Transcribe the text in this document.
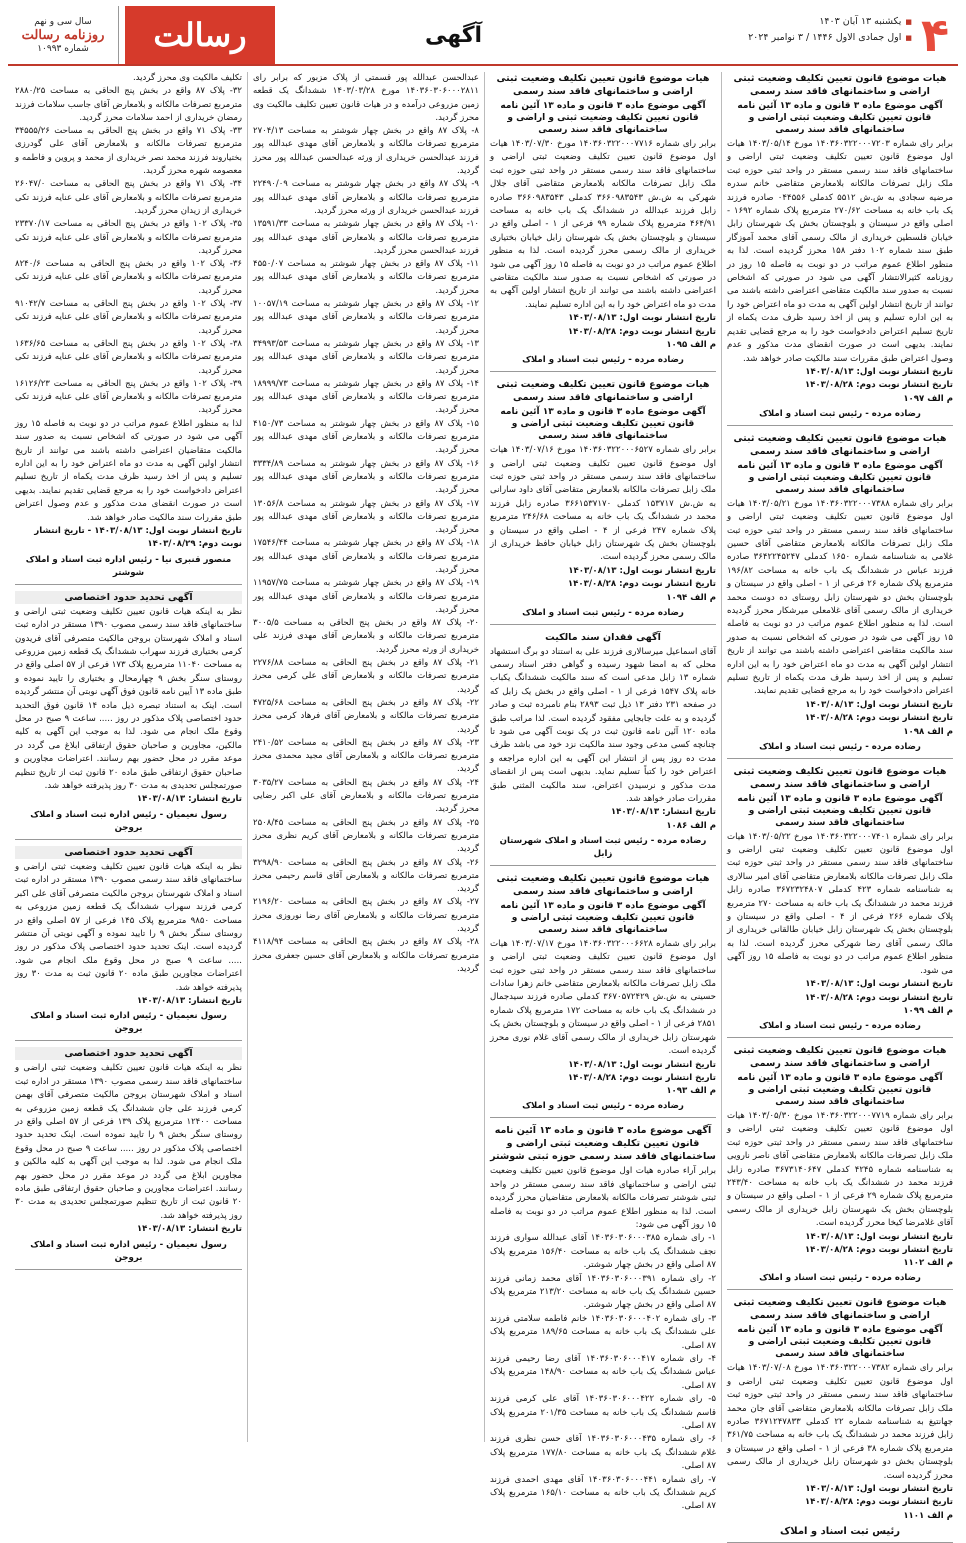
۴
■ یکشنبه ۱۳ آبان ۱۴۰۳
■ اول جمادی الاول ۱۴۴۶ / ۳ نوامبر ۲۰۲۴
آگهی
رسالت
سال سی و نهم
روزنامه رسالت
شماره ۱۰۹۹۳
هیات موضوع قانون تعیین تکلیف وضعیت ثبتی اراضی و ساختمانهای فاقد سند رسمی
آگهی موضوع ماده ۳ قانون و ماده ۱۳ آئین نامه قانون تعیین تکلیف وضعیت ثبتی اراضی و ساختمانهای فاقد سند رسمی

برابر رای شماره ۱۴۰۳۶۰۳۲۲۰۰۰۷۲۰۳ مورخ ۱۴۰۳/۰۵/۱۴ هیات اول موضوع قانون تعیین تکلیف وضعیت ثبتی اراضی و ساختمانهای فاقد سند رسمی مستقر در واحد ثبتی حوزه ثبت ملک زابل تصرفات مالکانه بلامعارض متقاضی خانم سدره مرضیه سجادی به ش.ش ۵۵۱۲ کدملی ۰۴۴۵۵۶ صادره فرزند یک باب خانه به مساحت ۲۷۰/۶۲ مترمربع پلاک شماره ۱۶۹۲ - اصلی واقع در سیستان و بلوچستان بخش یک شهرستان زابل خیابان فلسطین خریداری از مالک رسمی آقای محمد آموزگار طبق سند شماره ۱۰۲ دفتر ۱۵۸ محرز گردیده است. لذا به منظور اطلاع عموم مراتب در دو نوبت به فاصله ۱۵ روز در روزنامه کثیرالانتشار آگهی می شود در صورتی که اشخاص نسبت به صدور سند مالکیت متقاضی اعتراضی داشته باشند می توانند از تاریخ انتشار اولین آگهی به مدت دو ماه اعتراض خود را به این اداره تسلیم و پس از اخذ رسید ظرف مدت یکماه از تاریخ تسلیم اعتراض دادخواست خود را به مرجع قضایی تقدیم نمایند. بدیهی است در صورت انقضای مدت مذکور و عدم وصول اعتراض طبق مقررات سند مالکیت صادر خواهد شد.

تاریخ انتشار نوبت اول: ۱۴۰۳/۰۸/۱۳
تاریخ انتشار نوبت دوم: ۱۴۰۳/۰۸/۲۸
م الف ۱۰۹۷
رضاده مرده - رئیس ثبت اسناد و املاک
هیات موضوع قانون تعیین تکلیف وضعیت ثبتی اراضی و ساختمانهای فاقد سند رسمی
آگهی موضوع ماده ۳ قانون و ماده ۱۳ آئین نامه قانون تعیین تکلیف وضعیت ثبتی اراضی و ساختمانهای فاقد سند رسمی

برابر رای شماره ۱۴۰۳۶۰۳۲۲۰۰۰۷۳۸۸ مورخ ۱۴۰۳/۰۵/۲۱ هیات اول موضوع قانون تعیین تکلیف وضعیت ثبتی اراضی و ساختمانهای فاقد سند رسمی مستقر در واحد ثبتی حوزه ثبت ملک زابل تصرفات مالکانه بلامعارض متقاضی آقای حسین غلامی به شناسنامه شماره ۱۶۵۰ کدملی ۳۶۴۲۲۴۵۲۴۷ صادره فرزند عباس در ششدانگ یک باب خانه به مساحت ۱۹۶/۸۲ مترمربع پلاک شماره ۲۶ فرعی از ۱ - اصلی واقع در سیستان و بلوچستان بخش دو شهرستان زابل روستای ده دوست محمد خریداری از مالک رسمی آقای غلامعلی میرشکار محرز گردیده است. لذا به منظور اطلاع عموم مراتب در دو نوبت به فاصله ۱۵ روز آگهی می شود در صورتی که اشخاص نسبت به صدور سند مالکیت متقاضی اعتراضی داشته باشند می توانند از تاریخ انتشار اولین آگهی به مدت دو ماه اعتراض خود را به این اداره تسلیم و پس از اخذ رسید ظرف مدت یکماه از تاریخ تسلیم اعتراض دادخواست خود را به مرجع قضایی تقدیم نمایند.

تاریخ انتشار نوبت اول: ۱۴۰۳/۰۸/۱۳
تاریخ انتشار نوبت دوم: ۱۴۰۳/۰۸/۲۸
م الف ۱۰۹۸
رضاده مرده - رئیس ثبت اسناد و املاک
هیات موضوع قانون تعیین تکلیف وضعیت ثبتی اراضی و ساختمانهای فاقد سند رسمی
آگهی موضوع ماده ۳ قانون و ماده ۱۳ آئین نامه قانون تعیین تکلیف وضعیت ثبتی اراضی و ساختمانهای فاقد سند رسمی

برابر رای شماره ۱۴۰۳۶۰۳۲۲۰۰۰۷۴۰۱ مورخ ۱۴۰۳/۰۵/۲۲ هیات اول موضوع قانون تعیین تکلیف وضعیت ثبتی اراضی و ساختمانهای فاقد سند رسمی مستقر در واحد ثبتی حوزه ثبت ملک زابل تصرفات مالکانه بلامعارض متقاضی آقای امیر سالاری به شناسنامه شماره ۴۲۳ کدملی ۳۶۷۲۳۲۴۸۰۷ صادره زابل فرزند محمد در ششدانگ یک باب خانه به مساحت ۲۷۰ مترمربع پلاک شماره ۲۶۶ فرعی از ۴ - اصلی واقع در سیستان و بلوچستان بخش یک شهرستان زابل خیابان طالقانی خریداری از مالک رسمی آقای رضا شهرکی محرز گردیده است. لذا به منظور اطلاع عموم مراتب در دو نوبت به فاصله ۱۵ روز آگهی می شود.

تاریخ انتشار نوبت اول: ۱۴۰۳/۰۸/۱۳
تاریخ انتشار نوبت دوم: ۱۴۰۳/۰۸/۲۸
م الف ۱۰۹۹
رضاده مرده - رئیس ثبت اسناد و املاک
هیات موضوع قانون تعیین تکلیف وضعیت ثبتی اراضی و ساختمانهای فاقد سند رسمی
آگهی موضوع ماده ۳ قانون و ماده ۱۳ آئین نامه قانون تعیین تکلیف وضعیت ثبتی اراضی و ساختمانهای فاقد سند رسمی

برابر رای شماره ۱۴۰۳۶۰۳۲۲۰۰۰۷۷۱۹ مورخ ۱۴۰۳/۰۵/۳۰ هیات اول موضوع قانون تعیین تکلیف وضعیت ثبتی اراضی و ساختمانهای فاقد سند رسمی مستقر در واحد ثبتی حوزه ثبت ملک زابل تصرفات مالکانه بلامعارض متقاضی آقای ناصر نارویی به شناسنامه شماره ۴۲۴۵ کدملی ۳۶۷۳۱۴۰۶۴۷ صادره زابل فرزند محمد در ششدانگ یک باب خانه به مساحت ۲۴۳/۴۰ مترمربع پلاک شماره ۲۹ فرعی از ۱ - اصلی واقع در سیستان و بلوچستان بخش یک شهرستان زابل خریداری از مالک رسمی آقای غلامرضا کیخا محرز گردیده است.

تاریخ انتشار نوبت اول: ۱۴۰۳/۰۸/۱۳
تاریخ انتشار نوبت دوم: ۱۴۰۳/۰۸/۲۸
م الف ۱۱۰۲
رضاده مرده - رئیس ثبت اسناد و املاک
هیات موضوع قانون تعیین تکلیف وضعیت ثبتی اراضی و ساختمانهای فاقد سند رسمی
آگهی موضوع ماده ۳ قانون و ماده ۱۳ آئین نامه قانون تعیین تکلیف وضعیت ثبتی اراضی و ساختمانهای فاقد سند رسمی

برابر رای شماره ۱۴۰۳۶۰۳۲۲۰۰۰۷۳۸۲ مورخ ۱۴۰۳/۰۷/۰۸ هیات اول موضوع قانون تعیین تکلیف وضعیت ثبتی اراضی و ساختمانهای فاقد سند رسمی مستقر در واحد ثبتی حوزه ثبت ملک زابل تصرفات مالکانه بلامعارض متقاضی آقای جان محمد جهانتیغ به شناسنامه شماره ۲۲ کدملی ۳۶۷۱۲۴۷۸۳۳ صادره زابل فرزند محمد در ششدانگ یک باب خانه به مساحت ۳۶۱/۷۵ مترمربع پلاک شماره ۳۸ فرعی از ۱ - اصلی واقع در سیستان و بلوچستان بخش دو شهرستان زابل خریداری از مالک رسمی محرز گردیده است.

تاریخ انتشار نوبت اول: ۱۴۰۳/۰۸/۱۳
تاریخ انتشار نوبت دوم: ۱۴۰۳/۰۸/۲۸
م الف ۱۱۰۱
رئیس ثبت اسناد و املاک
هیات موضوع قانون تعیین تکلیف وضعیت ثبتی اراضی و ساختمانهای فاقد سند رسمی
آگهی موضوع ماده ۳ قانون و ماده ۱۳ آئین نامه قانون تعیین تکلیف وضعیت ثبتی و اراضی و ساختمانهای فاقد سند رسمی

برابر رای شماره ۱۴۰۳۶۰۳۲۲۰۰۰۷۷۱۶ مورخ ۱۴۰۳/۰۷/۳۰ هیات اول موضوع قانون تعیین تکلیف وضعیت ثبتی اراضی و ساختمانهای فاقد سند رسمی مستقر در واحد ثبتی حوزه ثبت ملک زابل تصرفات مالکانه بلامعارض متقاضی آقای جلال شهرکی به ش.ش ۳۶۶۰۹۸۳۵۴۳ کدملی ۳۶۶۰۹۸۳۵۴۳ صادره زابل فرزند عبدالله در ششدانگ یک باب خانه به مساحت ۴۶۴/۹۱ مترمربع پلاک شماره ۹۹ فرعی از ۱ - اصلی واقع در سیستان و بلوچستان بخش یک شهرستان زابل خیابان بختیاری خریداری از مالک رسمی محرز گردیده است. لذا به منظور اطلاع عموم مراتب در دو نوبت به فاصله ۱۵ روز آگهی می شود در صورتی که اشخاص نسبت به صدور سند مالکیت متقاضی اعتراضی داشته باشند می توانند از تاریخ انتشار اولین آگهی به مدت دو ماه اعتراض خود را به این اداره تسلیم نمایند.

تاریخ انتشار نوبت اول: ۱۴۰۳/۰۸/۱۳
تاریخ انتشار نوبت دوم: ۱۴۰۳/۰۸/۲۸
م الف ۱۰۹۵
رضاده مرده - رئیس ثبت اسناد و املاک
هیات موضوع قانون تعیین تکلیف وضعیت ثبتی اراضی و ساختمانهای فاقد سند رسمی
آگهی موضوع ماده ۳ قانون و ماده ۱۳ آئین نامه قانون تعیین تکلیف وضعیت ثبتی اراضی و ساختمانهای فاقد سند رسمی

برابر رای شماره ۱۴۰۳۶۰۳۲۲۰۰۰۶۵۲۷ مورخ ۱۴۰۳/۰۷/۱۶ هیات اول موضوع قانون تعیین تکلیف وضعیت ثبتی اراضی و ساختمانهای فاقد سند رسمی مستقر در واحد ثبتی حوزه ثبت ملک زابل تصرفات مالکانه بلامعارض متقاضی آقای داود سارانی به ش.ش ۱۵۳۷۱۷ کدملی ۳۶۶۱۵۳۷۱۷۰ صادره زابل فرزند محمد در ششدانگ یک باب خانه به مساحت ۲۴۶/۶۸ مترمربع پلاک شماره ۲۴۷ فرعی از ۴ - اصلی واقع در سیستان و بلوچستان بخش یک شهرستان زابل خیابان حافظ خریداری از مالک رسمی محرز گردیده است.

تاریخ انتشار نوبت اول: ۱۴۰۳/۰۸/۱۳
تاریخ انتشار نوبت دوم: ۱۴۰۳/۰۸/۲۸
م الف ۱۰۹۴
رضاده مرده - رئیس ثبت اسناد و املاک
آگهی فقدان سند مالکیت

آقای اسماعیل میرسالاری فرزند علی به استناد دو برگ استشهاد محلی که به امضا شهود رسیده و گواهی دفتر اسناد رسمی شماره ۱۳ زابل مدعی است که سند مالکیت ششدانگ یکباب خانه پلاک ۱۵۴۷ فرعی از ۱ - اصلی واقع در بخش یک زابل که در صفحه ۲۳۱ دفتر ۱۳ ذیل ثبت ۲۸۹۳ بنام نامبرده ثبت و صادر گردیده و به علت جابجایی مفقود گردیده است. لذا مراتب طبق ماده ۱۲۰ آئین نامه قانون ثبت در یک نوبت آگهی می شود تا چنانچه کسی مدعی وجود سند مالکیت نزد خود می باشد ظرف مدت ده روز پس از انتشار این آگهی به این اداره مراجعه و اعتراض خود را کتباً تسلیم نماید. بدیهی است پس از انقضای مدت مذکور و نرسیدن اعتراض، سند مالکیت المثنی طبق مقررات صادر خواهد شد.

تاریخ انتشار: ۱۴۰۳/۰۸/۱۳
م الف ۱۰۸۶
رضاده مرده - رئیس ثبت اسناد و املاک شهرستان زابل
هیات موضوع قانون تعیین تکلیف وضعیت ثبتی اراضی و ساختمانهای فاقد سند رسمی
آگهی موضوع ماده ۳ قانون و ماده ۱۳ آئین نامه قانون تعیین تکلیف وضعیت ثبتی اراضی و ساختمانهای فاقد سند رسمی

برابر رای شماره ۱۴۰۳۶۰۳۲۲۰۰۰۶۶۲۸ مورخ ۱۴۰۳/۰۷/۱۷ هیات اول موضوع قانون تعیین تکلیف وضعیت ثبتی اراضی و ساختمانهای فاقد سند رسمی مستقر در واحد ثبتی حوزه ثبت ملک زابل تصرفات مالکانه بلامعارض متقاضی خانم زهرا سادات حسینی به ش.ش ۳۶۷۰۵۷۲۴۲۹ کدملی صادره فرزند سیدجمال در ششدانگ یک باب خانه به مساحت ۱۷۲ مترمربع پلاک شماره ۲۸۵۱ فرعی از ۱ - اصلی واقع در سیستان و بلوچستان بخش یک شهرستان زابل خریداری از مالک رسمی آقای غلام نوری محرز گردیده است.

تاریخ انتشار نوبت اول: ۱۴۰۳/۰۸/۱۳
تاریخ انتشار نوبت دوم: ۱۴۰۳/۰۸/۲۸
م الف ۱۰۹۳
رضاده مرده - رئیس ثبت اسناد و املاک
آگهی موضوع ماده ۳ قانون و ماده ۱۳ آئین نامه قانون تعیین تکلیف وضعیت ثبتی اراضی و ساختمانهای فاقد سند رسمی حوزه ثبتی شوشتر

برابر آراء صادره هیات اول موضوع قانون تعیین تکلیف وضعیت ثبتی اراضی و ساختمانهای فاقد سند رسمی مستقر در واحد ثبتی شوشتر تصرفات مالکانه بلامعارض متقاضیان محرز گردیده است. لذا به منظور اطلاع عموم مراتب در دو نوبت به فاصله ۱۵ روز آگهی می شود:

۱- رای شماره ۱۴۰۳۶۰۳۰۶۰۰۰۳۸۵ آقای عبدالله سواری فرزند نجف ششدانگ یک باب خانه به مساحت ۱۵۶/۴۰ مترمربع پلاک ۸۷ اصلی واقع در بخش چهار شوشتر.

۲- رای شماره ۱۴۰۳۶۰۳۰۶۰۰۰۳۹۱ آقای محمد زمانی فرزند حسین ششدانگ یک باب خانه به مساحت ۲۱۳/۲۰ مترمربع پلاک ۸۷ اصلی واقع در بخش چهار شوشتر.

۳- رای شماره ۱۴۰۳۶۰۳۰۶۰۰۰۴۰۲ خانم فاطمه سلامتی فرزند علی ششدانگ یک باب خانه به مساحت ۱۸۹/۶۵ مترمربع پلاک ۸۷ اصلی.

۴- رای شماره ۱۴۰۳۶۰۳۰۶۰۰۰۴۱۷ آقای رضا رحیمی فرزند عباس ششدانگ یک باب خانه به مساحت ۱۴۸/۹۰ مترمربع پلاک ۸۷ اصلی.

۵- رای شماره ۱۴۰۳۶۰۳۰۶۰۰۰۴۲۲ آقای علی کرمی فرزند قاسم ششدانگ یک باب خانه به مساحت ۲۰۱/۳۵ مترمربع پلاک ۸۷ اصلی.

۶- رای شماره ۱۴۰۳۶۰۳۰۶۰۰۰۴۳۵ آقای حسن نظری فرزند غلام ششدانگ یک باب خانه به مساحت ۱۷۷/۸۰ مترمربع پلاک ۸۷ اصلی.

۷- رای شماره ۱۴۰۳۶۰۳۰۶۰۰۰۴۴۱ آقای مهدی احمدی فرزند کریم ششدانگ یک باب خانه به مساحت ۱۶۵/۱۰ مترمربع پلاک ۸۷ اصلی.

عبدالحسن عبدالله پور قسمتی از پلاک مزبور که برابر رای ۱۴۰۳۶۰۳۰۶۰۰۰۲۸۱۱ مورخ ۱۴۰۳/۰۳/۲۸ ششدانگ یک قطعه زمین مزروعی درآمده و در هیات قانون تعیین تکلیف مالکیت وی محرز گردید.

۸- پلاک ۸۷ واقع در بخش چهار شوشتر به مساحت ۲۷۰۴/۱۳ مترمربع تصرفات مالکانه و بلامعارض آقای مهدی عبدالله پور فرزند عبدالحسن خریداری از ورثه عبدالحسن عبدالله پور محرز گردید.

۹- پلاک ۸۷ واقع در بخش چهار شوشتر به مساحت ۲۲۴۹۰/۰۹ مترمربع تصرفات مالکانه و بلامعارض آقای مهدی عبدالله پور فرزند عبدالحسن خریداری از ورثه محرز گردید.

۱۰- پلاک ۸۷ واقع در بخش چهار شوشتر به مساحت ۱۳۵۹۱/۳۳ مترمربع تصرفات مالکانه و بلامعارض آقای مهدی عبدالله پور فرزند عبدالحسن محرز گردید.

۱۱- پلاک ۸۷ واقع در بخش چهار شوشتر به مساحت ۴۵۵۰/۰۷ مترمربع تصرفات مالکانه و بلامعارض آقای مهدی عبدالله پور محرز گردید.

۱۲- پلاک ۸۷ واقع در بخش چهار شوشتر به مساحت ۱۰۰۵۷/۱۹ مترمربع تصرفات مالکانه و بلامعارض آقای مهدی عبدالله پور محرز گردید.

۱۳- پلاک ۸۷ واقع در بخش چهار شوشتر به مساحت ۳۴۹۹۳/۵۳ مترمربع تصرفات مالکانه و بلامعارض آقای مهدی عبدالله پور محرز گردید.

۱۴- پلاک ۸۷ واقع در بخش چهار شوشتر به مساحت ۱۸۹۹۹/۷۳ مترمربع تصرفات مالکانه و بلامعارض آقای مهدی عبدالله پور محرز گردید.

۱۵- پلاک ۸۷ واقع در بخش چهار شوشتر به مساحت ۴۱۵۰/۷۳ مترمربع تصرفات مالکانه و بلامعارض آقای مهدی عبدالله پور محرز گردید.

۱۶- پلاک ۸۷ واقع در بخش چهار شوشتر به مساحت ۳۳۳۴/۸۹ مترمربع تصرفات مالکانه و بلامعارض آقای مهدی عبدالله پور محرز گردید.

۱۷- پلاک ۸۷ واقع در بخش چهار شوشتر به مساحت ۱۳۰۵۶/۸ مترمربع تصرفات مالکانه و بلامعارض آقای مهدی عبدالله پور محرز گردید.

۱۸- پلاک ۸۷ واقع در بخش چهار شوشتر به مساحت ۱۷۵۴۶/۴۴ مترمربع تصرفات مالکانه و بلامعارض آقای مهدی عبدالله پور محرز گردید.

۱۹- پلاک ۸۷ واقع در بخش چهار شوشتر به مساحت ۱۱۹۵۷/۷۵ مترمربع تصرفات مالکانه و بلامعارض آقای مهدی عبدالله پور محرز گردید.

۲۰- پلاک ۸۷ واقع در بخش پنج الحاقی به مساحت ۳۰۰۵/۵ مترمربع تصرفات مالکانه و بلامعارض آقای مهدی فرزند علی خریداری از ورثه محرز گردید.

۲۱- پلاک ۸۷ واقع در بخش پنج الحاقی به مساحت ۲۲۷۶/۸۸ مترمربع تصرفات مالکانه و بلامعارض آقای علی کرمی محرز گردید.

۲۲- پلاک ۸۷ واقع در بخش پنج الحاقی به مساحت ۴۷۲۵/۶۸ مترمربع تصرفات مالکانه و بلامعارض آقای فرهاد کرمی محرز گردید.

۲۳- پلاک ۸۷ واقع در بخش پنج الحاقی به مساحت ۲۴۱۰/۵۲ مترمربع تصرفات مالکانه و بلامعارض آقای مجید محمدی محرز گردید.

۲۴- پلاک ۸۷ واقع در بخش پنج الحاقی به مساحت ۳۰۳۵/۲۷ مترمربع تصرفات مالکانه و بلامعارض آقای علی اکبر رضایی محرز گردید.

۲۵- پلاک ۸۷ واقع در بخش پنج الحاقی به مساحت ۲۵۰۸/۴۵ مترمربع تصرفات مالکانه و بلامعارض آقای کریم نظری محرز گردید.

۲۶- پلاک ۸۷ واقع در بخش پنج الحاقی به مساحت ۳۲۹۸/۹۰ مترمربع تصرفات مالکانه و بلامعارض آقای قاسم رحیمی محرز گردید.

۲۷- پلاک ۸۷ واقع در بخش پنج الحاقی به مساحت ۲۱۹۶/۲۰ مترمربع تصرفات مالکانه و بلامعارض آقای رضا نوروزی محرز گردید.

۲۸- پلاک ۸۷ واقع در بخش پنج الحاقی به مساحت ۴۱۱۸/۹۴ مترمربع تصرفات مالکانه و بلامعارض آقای حسین جعفری محرز گردید.

تکلیف مالکیت وی محرز گردید.

۳۲- پلاک ۸۷ واقع در بخش پنج الحاقی به مساحت ۲۸۸۰/۲۵ مترمربع تصرفات مالکانه و بلامعارض آقای جاسب سلامات فرزند رمضان خریداری از احمد سلامات محرز گردید.

۳۳- پلاک ۷۱ واقع در بخش پنج الحاقی به مساحت ۳۴۵۵۵/۲۶ مترمربع تصرفات مالکانه و بلامعارض آقای علی گودرزی بختیاروند فرزند محمد نصر خریداری از محمد و پروین و فاطمه و معصومه شهره محرز گردید.

۳۴- پلاک ۷۱ واقع در بخش پنج الحاقی به مساحت ۲۶۰۴۷/۰ مترمربع تصرفات مالکانه و بلامعارض آقای علی عنایه فرزند تکی خریداری از زیدان محرز گردید.

۳۵- پلاک ۱۰۲ واقع در بخش پنج الحاقی به مساحت ۲۳۳۷۰/۱۷ مترمربع تصرفات مالکانه و بلامعارض آقای علی عنایه فرزند تکی محرز گردید.

۳۶- پلاک ۱۰۲ واقع در بخش پنج الحاقی به مساحت ۸۲۴۰/۶ مترمربع تصرفات مالکانه و بلامعارض آقای علی عنایه فرزند تکی محرز گردید.

۳۷- پلاک ۱۰۲ واقع در بخش پنج الحاقی به مساحت ۹۱۰۴۲/۷ مترمربع تصرفات مالکانه و بلامعارض آقای علی عنایه فرزند تکی محرز گردید.

۳۸- پلاک ۱۰۲ واقع در بخش پنج الحاقی به مساحت ۱۶۳۶/۶۵ مترمربع تصرفات مالکانه و بلامعارض آقای علی عنایه فرزند تکی محرز گردید.

۳۹- پلاک ۱۰۲ واقع در بخش پنج الحاقی به مساحت ۱۶۱۲۶/۲۳ مترمربع تصرفات مالکانه و بلامعارض آقای علی عنایه فرزند تکی محرز گردید.

لذا به منظور اطلاع عموم مراتب در دو نوبت به فاصله ۱۵ روز آگهی می شود در صورتی که اشخاص نسبت به صدور سند مالکیت متقاضیان اعتراضی داشته باشند می توانند از تاریخ انتشار اولین آگهی به مدت دو ماه اعتراض خود را به این اداره تسلیم و پس از اخذ رسید ظرف مدت یکماه از تاریخ تسلیم اعتراض دادخواست خود را به مرجع قضایی تقدیم نمایند. بدیهی است در صورت انقضای مدت مذکور و عدم وصول اعتراض طبق مقررات سند مالکیت صادر خواهد شد.

تاریخ انتشار نوبت اول: ۱۴۰۳/۰۸/۱۳ - تاریخ انتشار نوبت دوم: ۱۴۰۳/۰۸/۲۹
منصور قنبری نیا - رئیس اداره ثبت اسناد و املاک شوشتر
آگهی تحدید حدود اختصاصی

نظر به اینکه هیات قانون تعیین تکلیف وضعیت ثبتی اراضی و ساختمانهای فاقد سند رسمی مصوب ۱۳۹۰ مستقر در اداره ثبت اسناد و املاک شهرستان بروجن مالکیت متصرفی آقای فریدون کرمی بختیاری فرزند سهراب ششدانگ یک قطعه زمین مزروعی به مساحت ۱۱۰۴۰ مترمربع پلاک ۱۷۳ فرعی از ۵۷ اصلی واقع در روستای سنگر بخش ۹ چهارمحال و بختیاری را تایید نموده و طبق ماده ۱۳ آیین نامه قانون فوق آگهی نوبتی آن منتشر گردیده است. اینک به استناد تبصره ذیل ماده ۱۴ قانون فوق التحدید حدود اختصاصی پلاک مذکور در روز ..... ساعت ۹ صبح در محل وقوع ملک انجام می شود. لذا به موجب این آگهی به کلیه مالکین، مجاورین و صاحبان حقوق ارتفاقی ابلاغ می گردد در موعد مقرر در محل حضور بهم رسانند. اعتراضات مجاورین و صاحبان حقوق ارتفاقی طبق ماده ۲۰ قانون ثبت از تاریخ تنظیم صورتمجلس تحدیدی به مدت ۳۰ روز پذیرفته خواهد شد.

تاریخ انتشار: ۱۴۰۳/۰۸/۱۳
رسول نعیمیان - رئیس اداره ثبت اسناد و املاک بروجن
آگهی تحدید حدود اختصاصی

نظر به اینکه هیات قانون تعیین تکلیف وضعیت ثبتی اراضی و ساختمانهای فاقد سند رسمی مصوب ۱۳۹۰ مستقر در اداره ثبت اسناد و املاک شهرستان بروجن مالکیت متصرفی آقای علی اکبر کرمی فرزند سهراب ششدانگ یک قطعه زمین مزروعی به مساحت ۹۸۵۰ مترمربع پلاک ۱۴۵ فرعی از ۵۷ اصلی واقع در روستای سنگر بخش ۹ را تایید نموده و آگهی نوبتی آن منتشر گردیده است. اینک تحدید حدود اختصاصی پلاک مذکور در روز ..... ساعت ۹ صبح در محل وقوع ملک انجام می شود. اعتراضات مجاورین طبق ماده ۲۰ قانون ثبت به مدت ۳۰ روز پذیرفته خواهد شد.

تاریخ انتشار: ۱۴۰۳/۰۸/۱۳
رسول نعیمیان - رئیس اداره ثبت اسناد و املاک بروجن
آگهی تحدید حدود اختصاصی

نظر به اینکه هیات قانون تعیین تکلیف وضعیت ثبتی اراضی و ساختمانهای فاقد سند رسمی مصوب ۱۳۹۰ مستقر در اداره ثبت اسناد و املاک شهرستان بروجن مالکیت متصرفی آقای بهمن کرمی فرزند علی جان ششدانگ یک قطعه زمین مزروعی به مساحت ۱۲۴۰۰ مترمربع پلاک ۱۳۹ فرعی از ۵۷ اصلی واقع در روستای سنگر بخش ۹ را تایید نموده است. اینک تحدید حدود اختصاصی پلاک مذکور در روز ..... ساعت ۹ صبح در محل وقوع ملک انجام می شود. لذا به موجب این آگهی به کلیه مالکین و مجاورین ابلاغ می گردد در موعد مقرر در محل حضور بهم رسانند. اعتراضات مجاورین و صاحبان حقوق ارتفاقی طبق ماده ۲۰ قانون ثبت از تاریخ تنظیم صورتمجلس تحدیدی به مدت ۳۰ روز پذیرفته خواهد شد.

تاریخ انتشار: ۱۴۰۳/۰۸/۱۳
رسول نعیمیان - رئیس اداره ثبت اسناد و املاک بروجن
